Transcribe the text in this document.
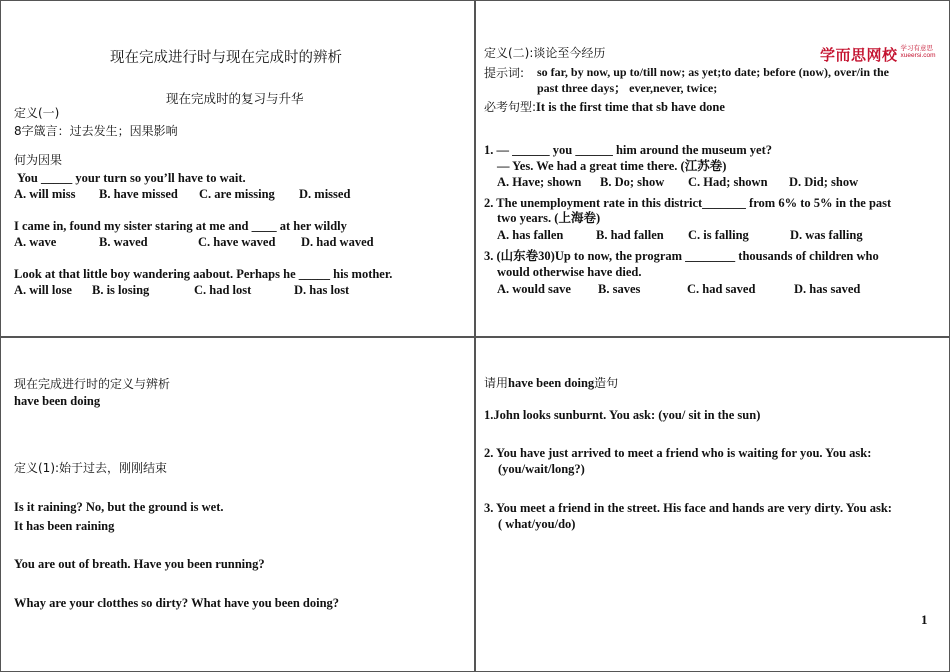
现在完成进行时与现在完成时的辨析
现在完成时的复习与升华
定义(一)
8字箴言：过去发生；因果影响
何为因果
You _____ your turn so you’ll have to wait.
A. will miss	B. have missed	C. are missing	D. missed
I came in, found my sister staring at me and ____ at her wildly
A. wave	B. waved	C. have waved	D. had waved
Look at that little boy wandering aabout. Perhaps he _____ his mother.
A. will lose	B. is losing	C. had lost	D. has lost
定义(二):谈论至今经历	学而思网校 学习有意思
xueersi.com
提示词: so far, by now, up to/till now; as yet;to date; before (now), over/in the
past three days； ever,never, twice;
必考句型:It is the first time that sb have done
1. — ______ you ______ him around the museum yet?
— Yes. We had a great time there. (江苏卷)
A. Have; shown	B. Do; show	C. Had; shown	D. Did; show
2. The unemployment rate in this district_______ from 6% to 5% in the past
two years. (上海卷)
A. has fallen	B. had fallen	C. is falling	D. was falling
3. (山东卷30)Up to now, the program ________ thousands of children who
would otherwise have died.
A. would save	B. saves	C. had saved	D. has saved
现在完成进行时的定义与辨析
have been doing
定义(1):始于过去，刚刚结束
Is it raining? No, but the ground is wet.
It has been raining
You are out of breath. Have you been running?
Whay are your clotthes so dirty? What have you been doing?
请用have been doing造句
1.John looks sunburnt. You ask: (you/ sit in the sun)
2. You have just arrived to meet a friend who is waiting for you. You ask:
(you/wait/long?)
3. You meet a friend in the street. His face and hands are very dirty. You ask:
( what/you/do)
1
